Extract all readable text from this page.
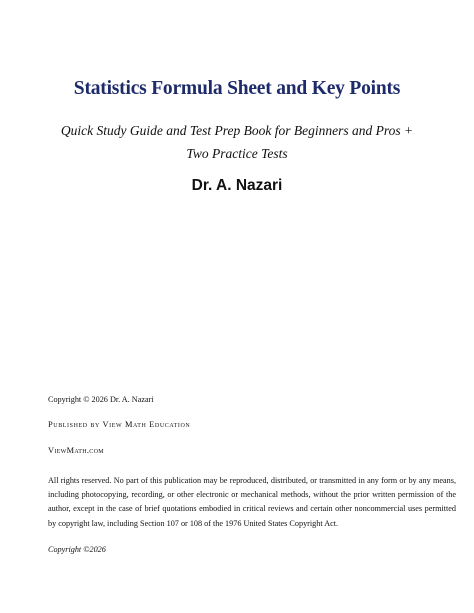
Statistics Formula Sheet and Key Points
Quick Study Guide and Test Prep Book for Beginners and Pros +
Two Practice Tests
Dr. A. Nazari
Copyright © 2026 Dr. A. Nazari
Published by View Math Education
ViewMath.com
All rights reserved. No part of this publication may be reproduced, distributed, or transmitted in any form or by any means, including photocopying, recording, or other electronic or mechanical methods, without the prior written permission of the author, except in the case of brief quotations embodied in critical reviews and certain other noncommercial uses permitted by copyright law, including Section 107 or 108 of the 1976 United States Copyright Act.
Copyright ©2026
